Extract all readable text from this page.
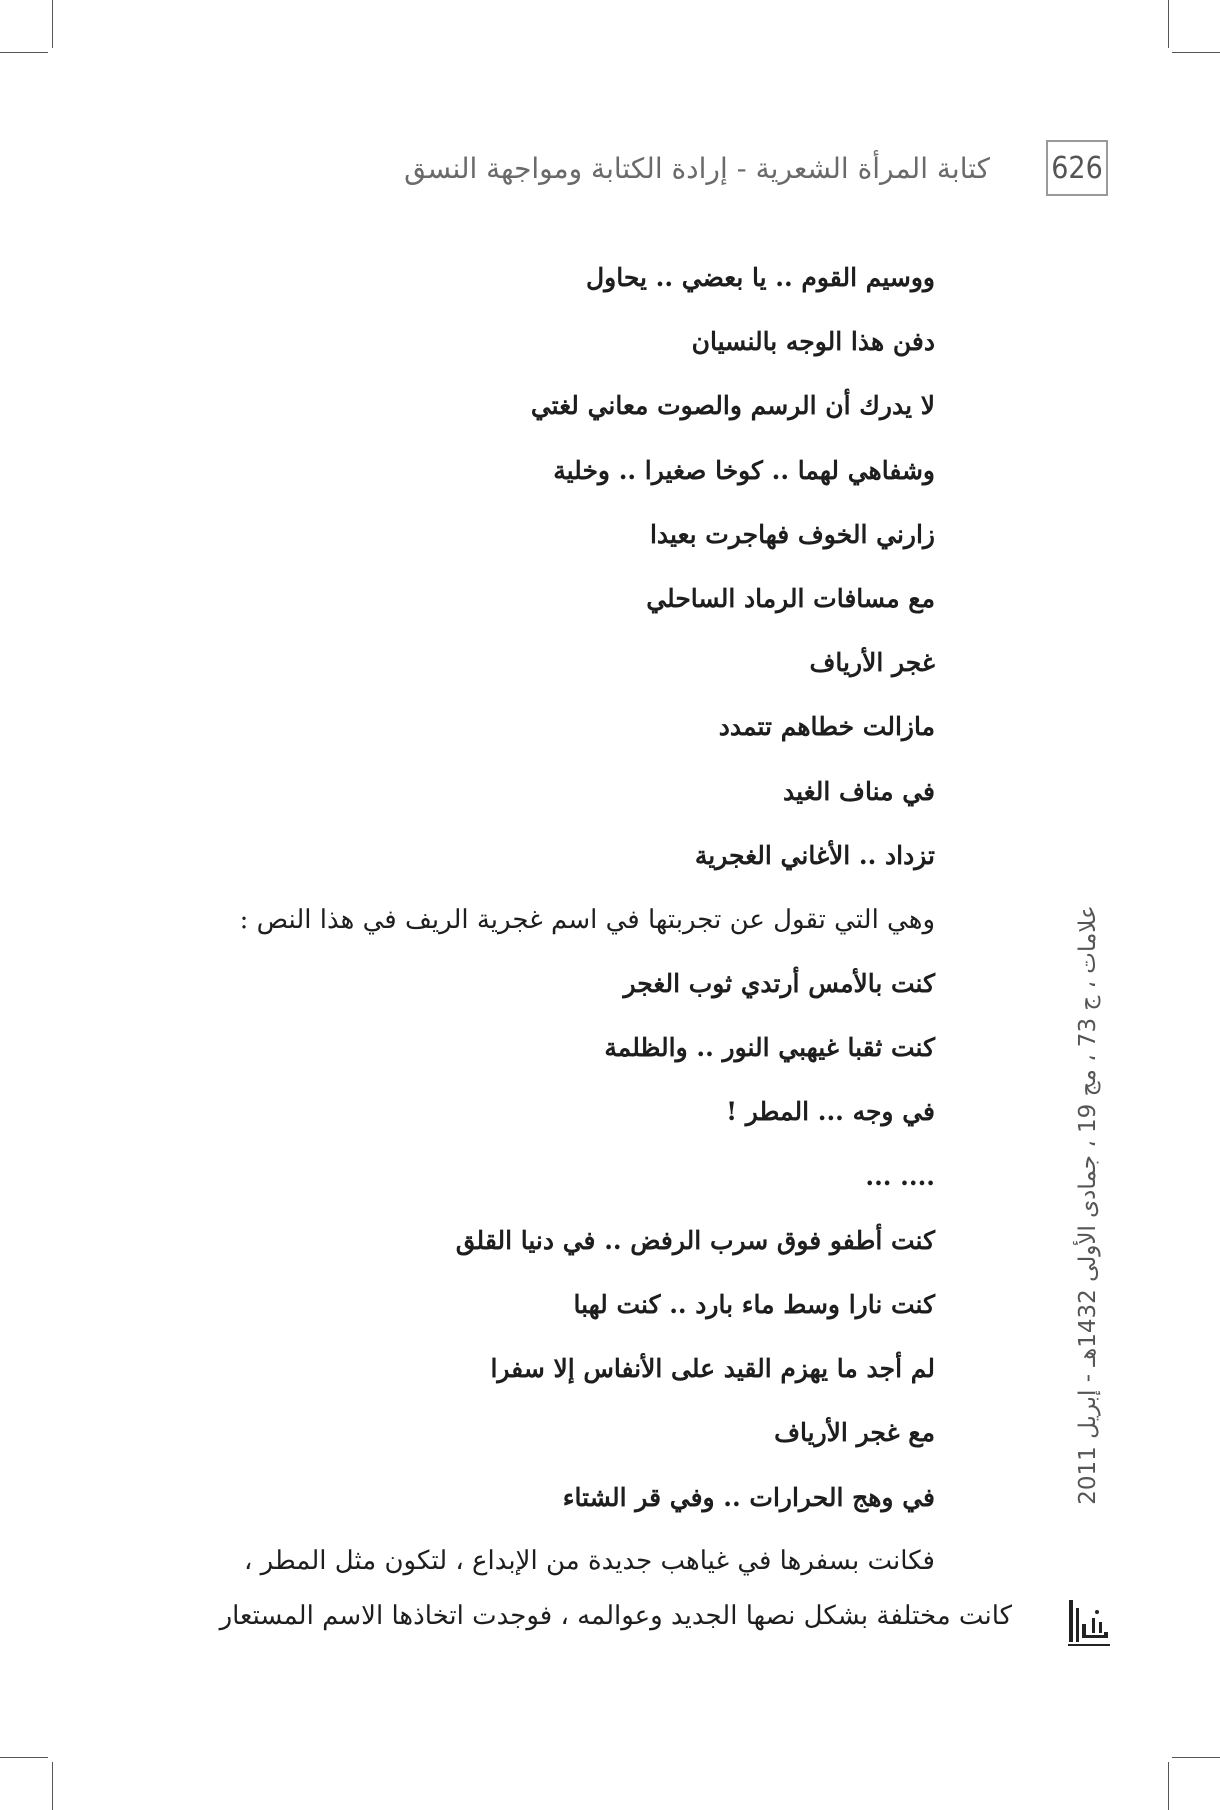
626
كتابة المرأة الشعرية - إرادة الكتابة ومواجهة النسق
ووسيم القوم .. يا بعضي .. يحاول
دفن هذا الوجه بالنسيان
لا يدرك أن الرسم والصوت معاني لغتي
وشفاهي لهما .. كوخا صغيرا .. وخلية
زارني الخوف فهاجرت بعيدا
مع مسافات الرماد الساحلي
غجر الأرياف
مازالت خطاهم تتمدد
في مناف الغيد
تزداد .. الأغاني الغجرية
وهي التي تقول عن تجربتها في اسم غجرية الريف في هذا النص :
كنت بالأمس أرتدي ثوب الغجر
كنت ثقبا غيهبي النور .. والظلمة
في وجه ... المطر !
.... ...
كنت أطفو فوق سرب الرفض .. في دنيا القلق
كنت نارا وسط ماء بارد .. كنت لهبا
لم أجد ما يهزم القيد على الأنفاس إلا سفرا
مع غجر الأرياف
في وهج الحرارات .. وفي قر الشتاء
فكانت بسفرها في غياهب جديدة من الإبداع ، لتكون مثل المطر ،
كانت مختلفة بشكل نصها الجديد وعوالمه ، فوجدت اتخاذها الاسم المستعار
علامات ، ج 73 ، مج 19 ، جمادى الأولى 1432هـ - إبريل 2011
